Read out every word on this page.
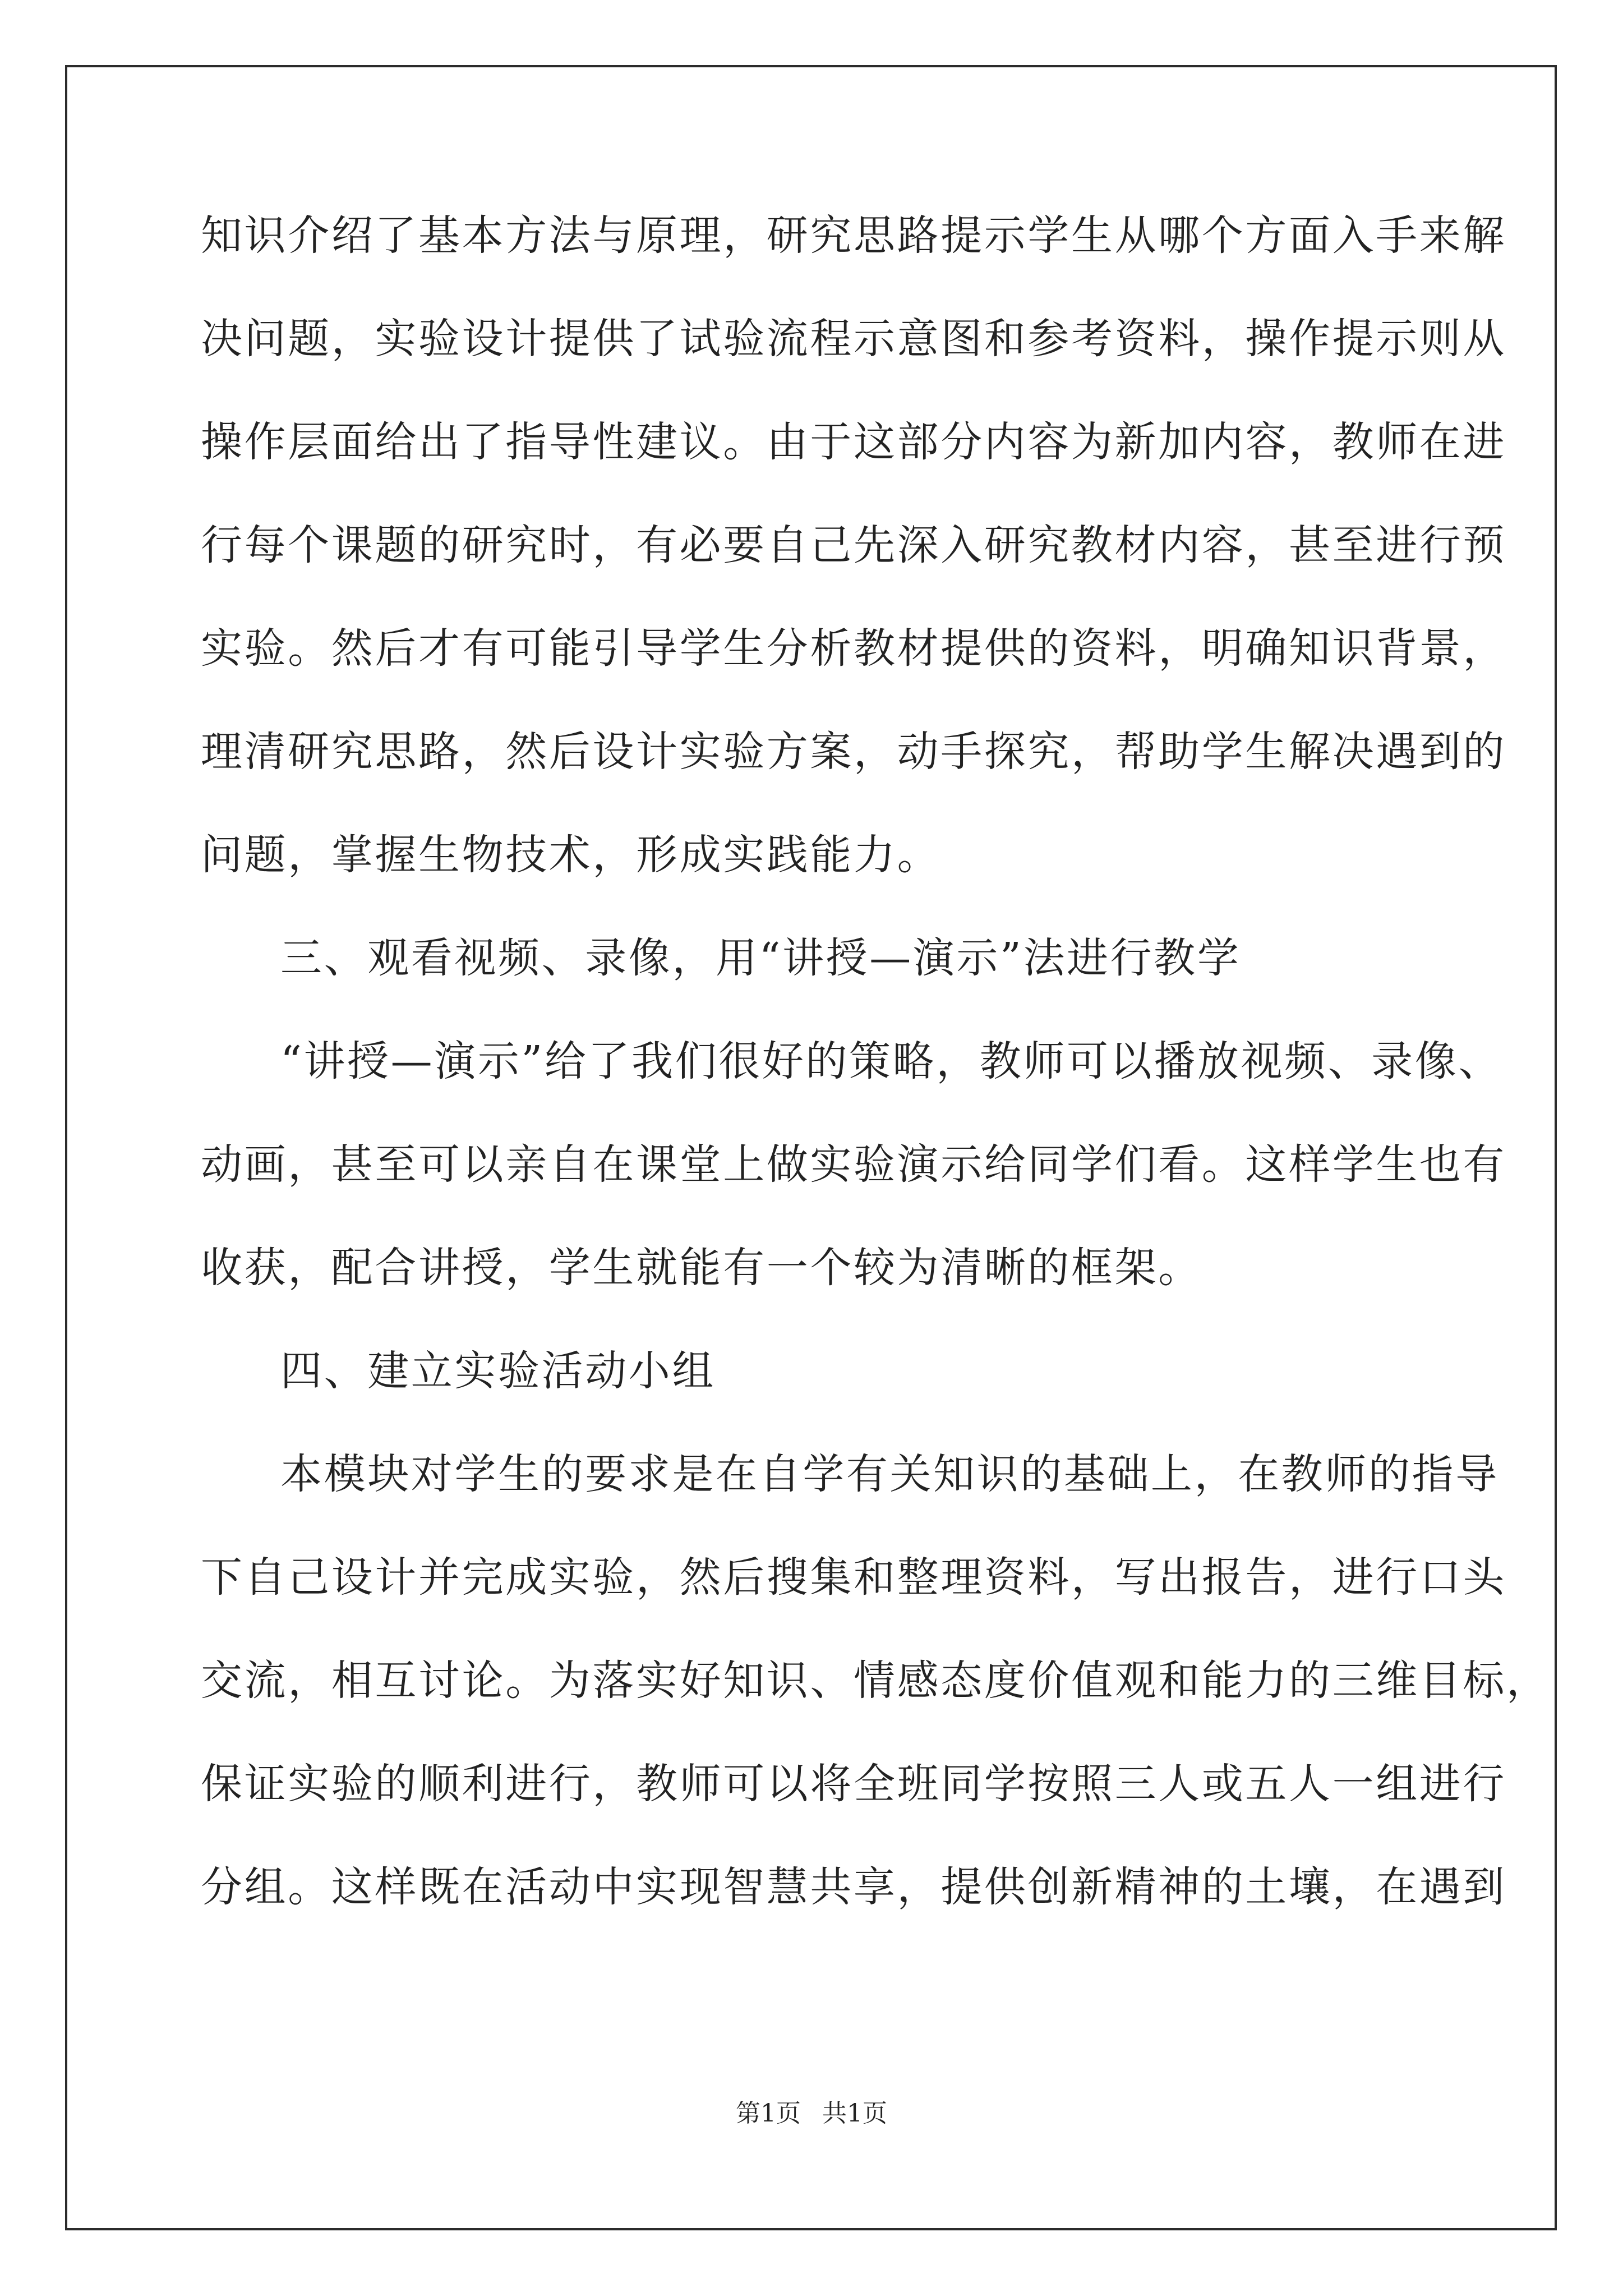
知识介绍了基本方法与原理，研究思路提示学生从哪个方面入手来解
决问题，实验设计提供了试验流程示意图和参考资料，操作提示则从
操作层面给出了指导性建议。由于这部分内容为新加内容，教师在进
行每个课题的研究时，有必要自己先深入研究教材内容，甚至进行预
实验。然后才有可能引导学生分析教材提供的资料，明确知识背景，
理清研究思路，然后设计实验方案，动手探究，帮助学生解决遇到的
问题，掌握生物技术，形成实践能力。
三、观看视频、录像，用“讲授—演示”法进行教学
“讲授—演示”给了我们很好的策略，教师可以播放视频、录像、
动画，甚至可以亲自在课堂上做实验演示给同学们看。这样学生也有
收获，配合讲授，学生就能有一个较为清晰的框架。
四、建立实验活动小组
本模块对学生的要求是在自学有关知识的基础上，在教师的指导
下自己设计并完成实验，然后搜集和整理资料，写出报告，进行口头
交流，相互讨论。为落实好知识、情感态度价值观和能力的三维目标，
保证实验的顺利进行，教师可以将全班同学按照三人或五人一组进行
分组。这样既在活动中实现智慧共享，提供创新精神的土壤，在遇到
第1页 共1页
